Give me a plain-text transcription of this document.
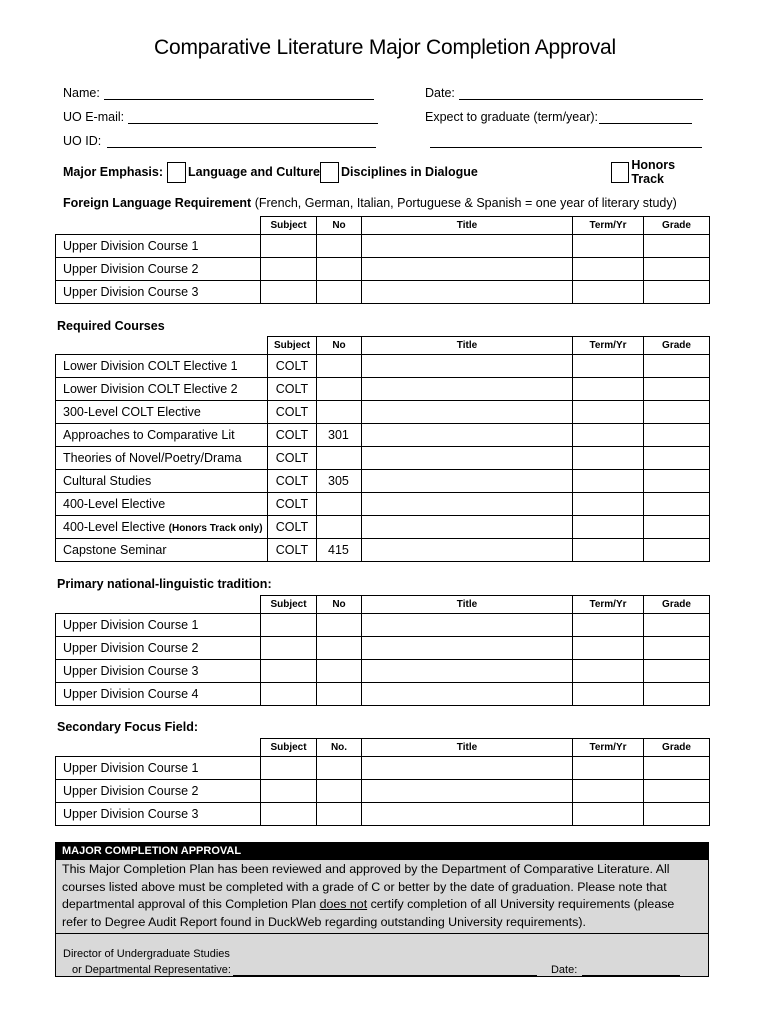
Comparative Literature Major Completion Approval
Name:	Date:
UO E-mail:	Expect to graduate (term/year):
UO ID:
Major Emphasis: Language and Culture Disciplines in Dialogue	Honors Track
Foreign Language Requirement (French, German, Italian, Portuguese & Spanish = one year of literary study)
	Subject	No	Title	Term/Yr	Grade
Upper Division Course 1					
Upper Division Course 2					
Upper Division Course 3					
Required Courses
	Subject	No	Title	Term/Yr	Grade
Lower Division COLT Elective 1	COLT				
Lower Division COLT Elective 2	COLT				
300-Level COLT Elective	COLT				
Approaches to Comparative Lit	COLT	301			
Theories of Novel/Poetry/Drama	COLT				
Cultural Studies	COLT	305			
400-Level Elective	COLT				
400-Level Elective (Honors Track only)	COLT				
Capstone Seminar	COLT	415			
Primary national-linguistic tradition:
	Subject	No	Title	Term/Yr	Grade
Upper Division Course 1					
Upper Division Course 2					
Upper Division Course 3					
Upper Division Course 4					
Secondary Focus Field:
	Subject	No.	Title	Term/Yr	Grade
Upper Division Course 1					
Upper Division Course 2					
Upper Division Course 3					
MAJOR COMPLETION APPROVAL
This Major Completion Plan has been reviewed and approved by the Department of Comparative Literature. All courses listed above must be completed with a grade of C or better by the date of graduation. Please note that departmental approval of this Completion Plan does not certify completion of all University requirements (please refer to Degree Audit Report found in DuckWeb regarding outstanding University requirements).
Director of Undergraduate Studies
or Departmental Representative:	Date:
